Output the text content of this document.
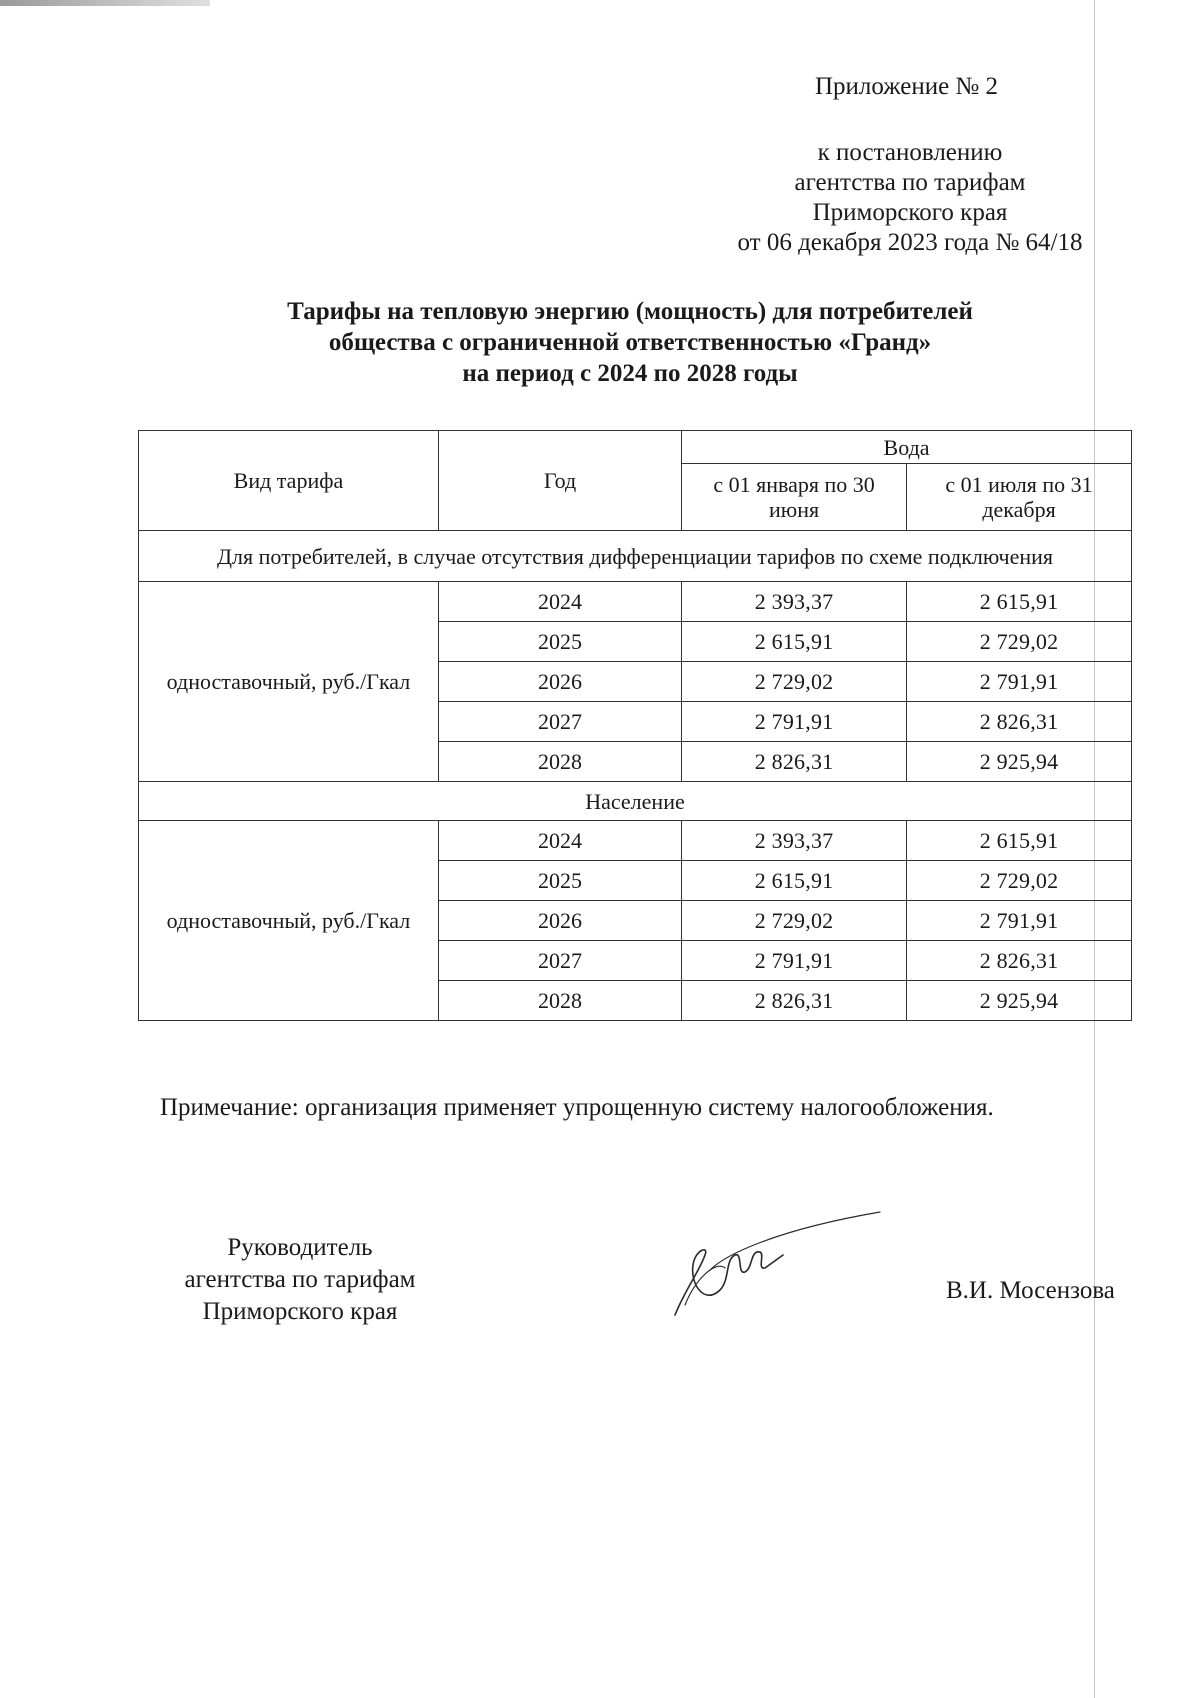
Приложение № 2
к постановлению
агентства по тарифам
Приморского края
от 06 декабря 2023 года № 64/18
Тарифы на тепловую энергию (мощность) для потребителей
общества с ограниченной ответственностью «Гранд»
на период с 2024 по 2028 годы
Вид тарифа	Год	Вода	
		с 01 января по 30 июня	с 01 июля по 31 декабря
Для потребителей, в случае отсутствия дифференциации тарифов по схеме подключения			
одноставочный, руб./Гкал	2024	2 393,37	2 615,91
	2025	2 615,91	2 729,02
	2026	2 729,02	2 791,91
	2027	2 791,91	2 826,31
	2028	2 826,31	2 925,94
Население			
одноставочный, руб./Гкал	2024	2 393,37	2 615,91
	2025	2 615,91	2 729,02
	2026	2 729,02	2 791,91
	2027	2 791,91	2 826,31
	2028	2 826,31	2 925,94
Примечание: организация применяет упрощенную систему налогообложения.
Руководитель
агентства по тарифам
Приморского края
В.И. Мосензова
